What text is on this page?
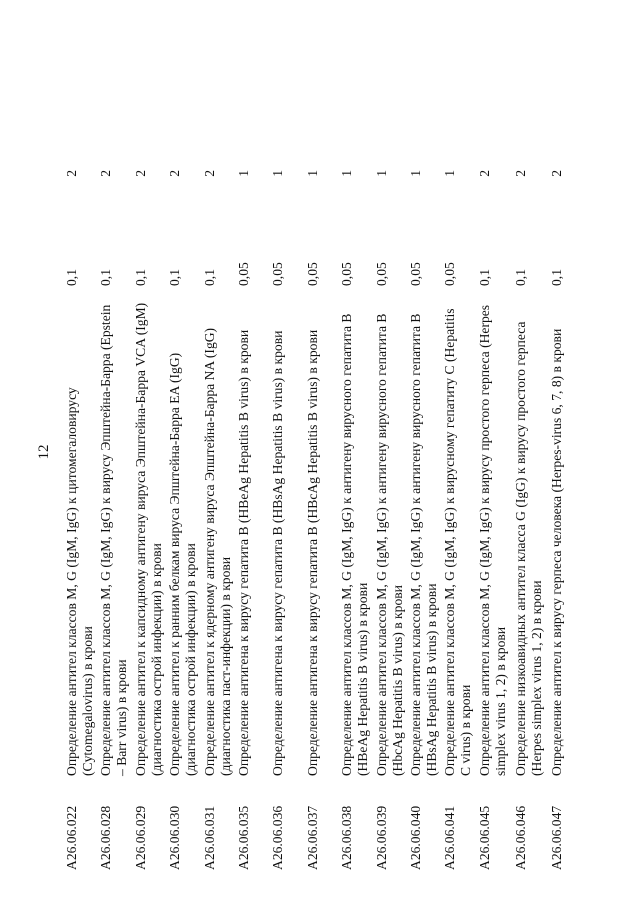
12
A26.06.022
Определение антител классов M, G (IgM, IgG) к цитомегаловирусу (Cytomegalovirus) в крови
0,1
2
A26.06.028
Определение антител классов M, G (IgM, IgG) к вирусу Эпштейна-Барра (Epstein – Barr virus) в крови
0,1
2
A26.06.029
Определение антител к капсидному антигену вируса Эпштейна-Барра VCA (IgM) (диагностика острой инфекции) в крови
0,1
2
A26.06.030
Определение антител к ранним белкам вируса Эпштейна-Барра EA (IgG) (диагностика острой инфекции) в крови
0,1
2
A26.06.031
Определение антител к ядерному антигену вируса Эпштейна-Барра NA (IgG) (диагностика паст-инфекции) в крови
0,1
2
A26.06.035
Определение антигена к вирусу гепатита B (HBeAg Hepatitis B virus) в крови
0,05
1
A26.06.036
Определение антигена к вирусу гепатита B (HBsAg Hepatitis B virus) в крови
0,05
1
A26.06.037
Определение антигена к вирусу гепатита B (HBcAg Hepatitis B virus) в крови
0,05
1
A26.06.038
Определение антител классов M, G (IgM, IgG) к антигену вирусного гепатита B (HBeAg Hepatitis B virus) в крови
0,05
1
A26.06.039
Определение антител классов M, G (IgM, IgG) к антигену вирусного гепатита B (HbcAg Hepatitis B virus) в крови
0,05
1
A26.06.040
Определение антител классов M, G (IgM, IgG) к антигену вирусного гепатита B (HBsAg Hepatitis B virus) в крови
0,05
1
A26.06.041
Определение антител классов M, G (IgM, IgG) к вирусному гепатиту C (Hepatitis C virus) в крови
0,05
1
A26.06.045
Определение антител классов M, G (IgM, IgG) к вирусу простого герпеса (Herpes simplex virus 1, 2) в крови
0,1
2
A26.06.046
Определение низкоавидных антител класса G (IgG) к вирусу простого герпеса (Herpes simplex virus 1, 2) в крови
0,1
2
A26.06.047
Определение антител к вирусу герпеса человека (Herpes-virus 6, 7, 8) в крови
0,1
2
